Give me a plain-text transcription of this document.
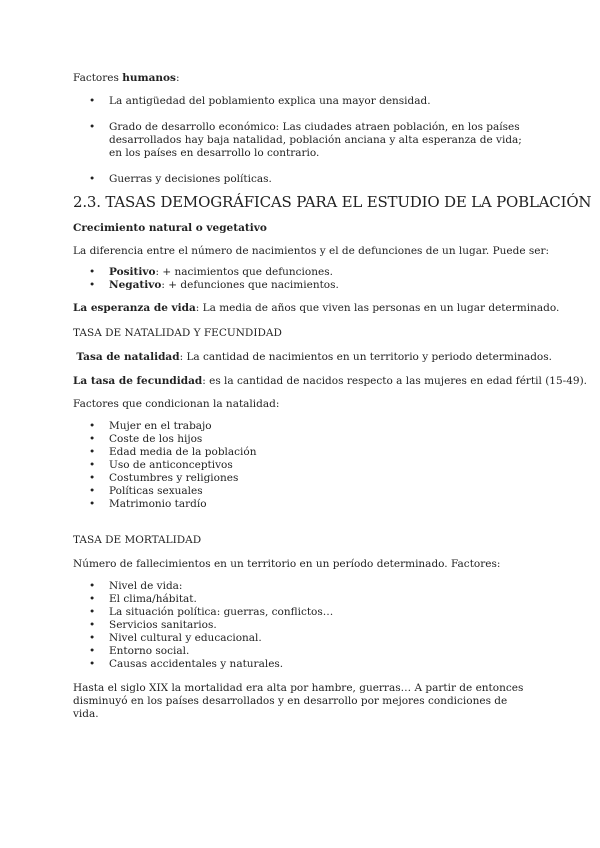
Factores humanos:
• La antigüedad del poblamiento explica una mayor densidad.
• Grado de desarrollo económico: Las ciudades atraen población, en los países desarrollados hay baja natalidad, población anciana y alta esperanza de vida; en los países en desarrollo lo contrario.
• Guerras y decisiones políticas.
2.3. TASAS DEMOGRÁFICAS PARA EL ESTUDIO DE LA POBLACIÓN
Crecimiento natural o vegetativo
La diferencia entre el número de nacimientos y el de defunciones de un lugar. Puede ser:
• Positivo: + nacimientos que defunciones.
• Negativo: + defunciones que nacimientos.
La esperanza de vida: La media de años que viven las personas en un lugar determinado.
TASA DE NATALIDAD Y FECUNDIDAD
Tasa de natalidad: La cantidad de nacimientos en un territorio y periodo determinados.
La tasa de fecundidad: es la cantidad de nacidos respecto a las mujeres en edad fértil (15-49).
Factores que condicionan la natalidad:
• Mujer en el trabajo
• Coste de los hijos
• Edad media de la población
• Uso de anticonceptivos
• Costumbres y religiones
• Políticas sexuales
• Matrimonio tardío
TASA DE MORTALIDAD
Número de fallecimientos en un territorio en un período determinado. Factores:
• Nivel de vida:
• El clima/hábitat.
• La situación política: guerras, conflictos…
• Servicios sanitarios.
• Nivel cultural y educacional.
• Entorno social.
• Causas accidentales y naturales.
Hasta el siglo XIX la mortalidad era alta por hambre, guerras… A partir de entonces disminuyó en los países desarrollados y en desarrollo por mejores condiciones de vida.
